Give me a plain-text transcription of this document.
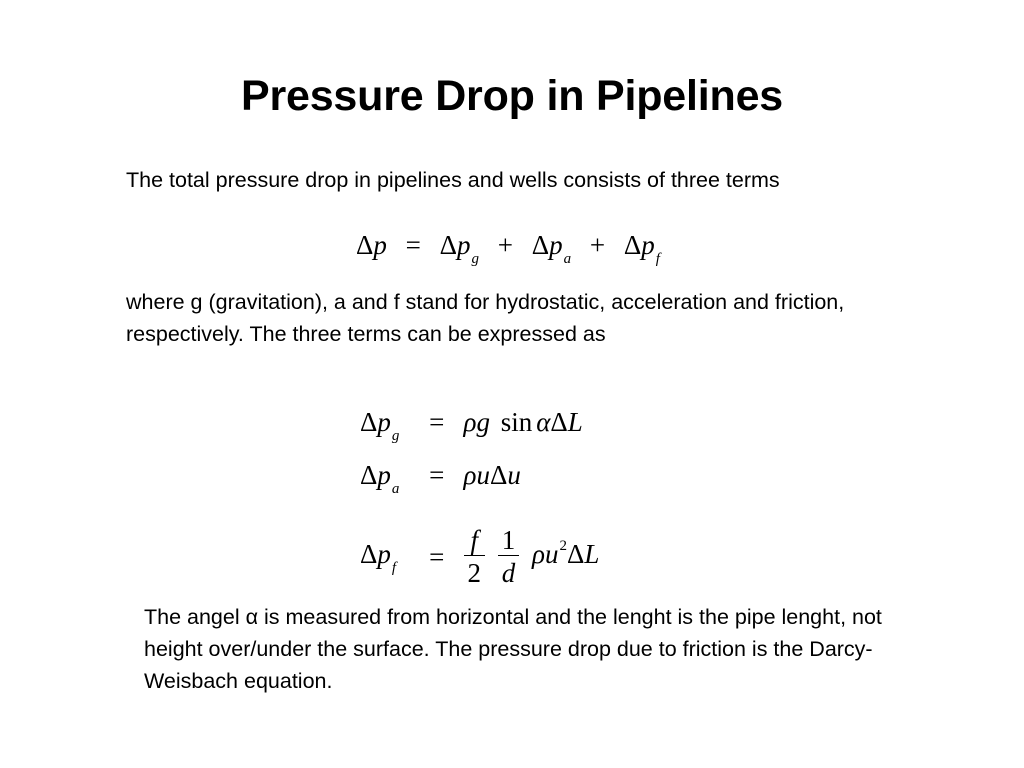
Pressure Drop in Pipelines
The total pressure drop in pipelines and wells consists of three terms
$\Delta p = \Delta p_g + \Delta p_a + \Delta p_f$
where g (gravitation), a and f stand for hydrostatic, acceleration and friction, respectively. The three terms can be expressed as
$\Delta p_g = \rho g$ sin αΔL
$\Delta p_a = \rho u\Delta u$
$\Delta p_f = \frac{f}{2}$
$\frac{1}{d} \rho u^2\Delta L$
The angel α is measured from horizontal and the lenght is the pipe lenght, not height over/under the surface. The pressure drop due to friction is the Darcy-Weisbach equation.
